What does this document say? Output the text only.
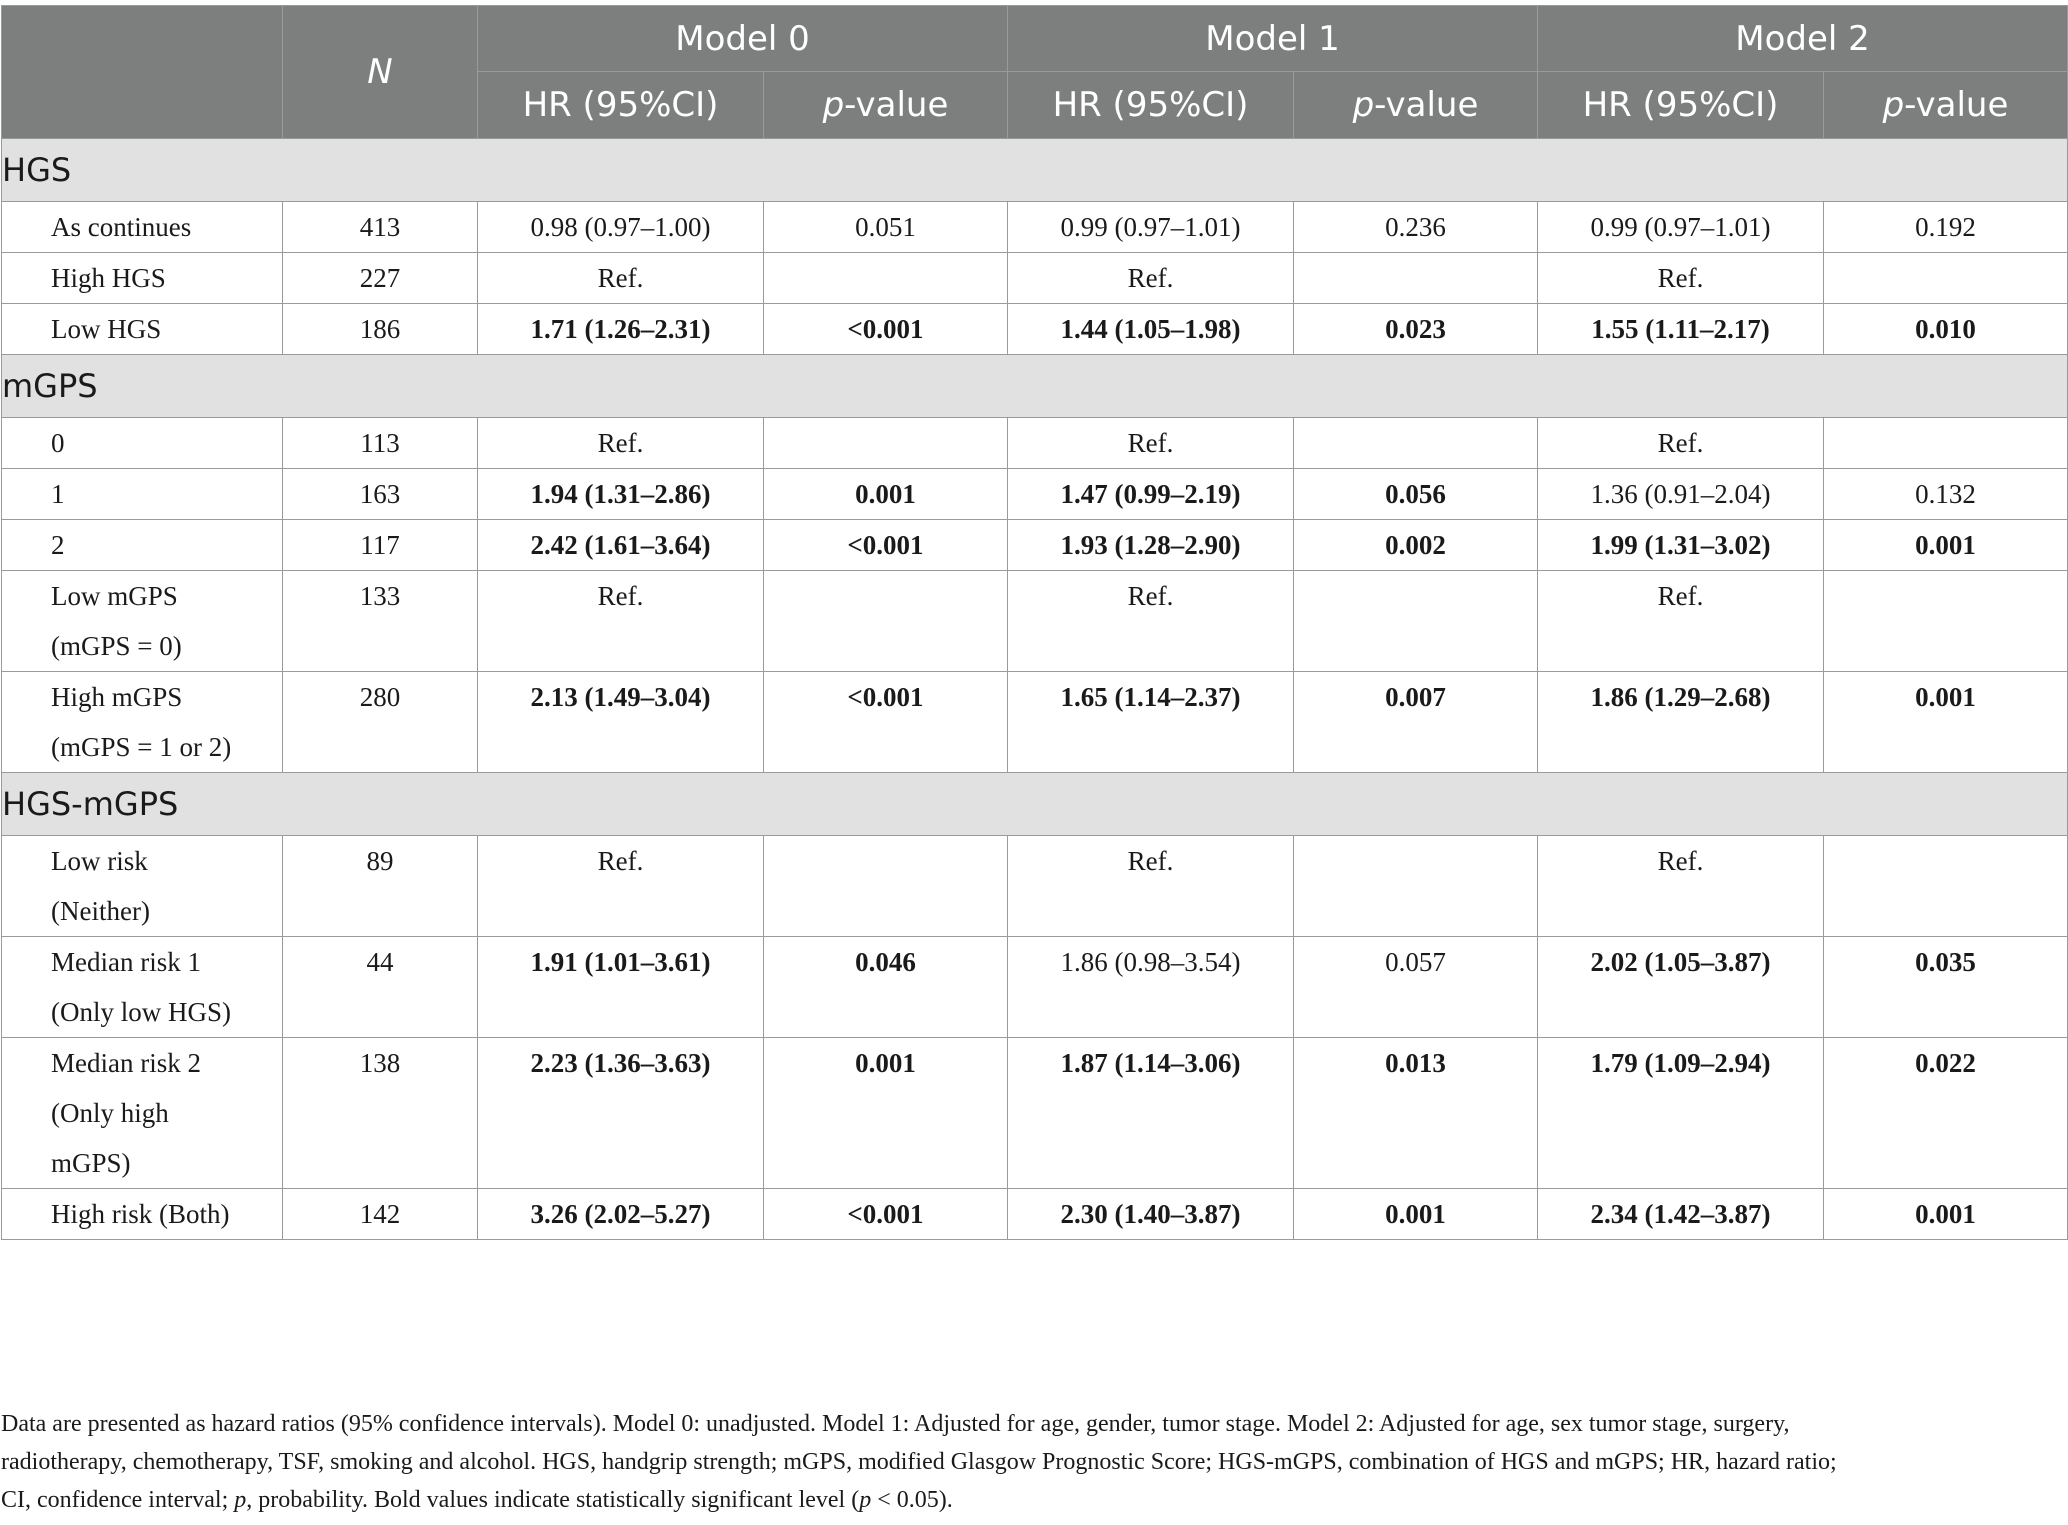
	N	Model 0		Model 1		Model 2	
		HR (95%CI)	p-value	HR (95%CI)	p-value	HR (95%CI)	p-value
HGS							
As continues	413	0.98 (0.97–1.00)	0.051	0.99 (0.97–1.01)	0.236	0.99 (0.97–1.01)	0.192
High HGS	227	Ref.		Ref.		Ref.	
Low HGS	186	1.71 (1.26–2.31)	<0.001	1.44 (1.05–1.98)	0.023	1.55 (1.11–2.17)	0.010
mGPS							
0	113	Ref.		Ref.		Ref.	
1	163	1.94 (1.31–2.86)	0.001	1.47 (0.99–2.19)	0.056	1.36 (0.91–2.04)	0.132
2	117	2.42 (1.61–3.64)	<0.001	1.93 (1.28–2.90)	0.002	1.99 (1.31–3.02)	0.001

Low mGPS
(mGPS = 0)	133	Ref.		Ref.		Ref.	

High mGPS
(mGPS = 1 or 2)	280	2.13 (1.49–3.04)	<0.001	1.65 (1.14–2.37)	0.007	1.86 (1.29–2.68)	0.001
HGS-mGPS							

Low risk
(Neither)	89	Ref.		Ref.		Ref.	

Median risk 1
(Only low HGS)	44	1.91 (1.01–3.61)	0.046	1.86 (0.98–3.54)	0.057	2.02 (1.05–3.87)	0.035

Median risk 2
(Only high
mGPS)	138	2.23 (1.36–3.63)	0.001	1.87 (1.14–3.06)	0.013	1.79 (1.09–2.94)	0.022
High risk (Both)	142	3.26 (2.02–5.27)	<0.001	2.30 (1.40–3.87)	0.001	2.34 (1.42–3.87)	0.001
Data are presented as hazard ratios (95% confidence intervals). Model 0: unadjusted. Model 1: Adjusted for age, gender, tumor stage. Model 2: Adjusted for age, sex tumor stage, surgery,
radiotherapy, chemotherapy, TSF, smoking and alcohol. HGS, handgrip strength; mGPS, modified Glasgow Prognostic Score; HGS-mGPS, combination of HGS and mGPS; HR, hazard ratio;
CI, confidence interval; p, probability. Bold values indicate statistically significant level (p < 0.05).
